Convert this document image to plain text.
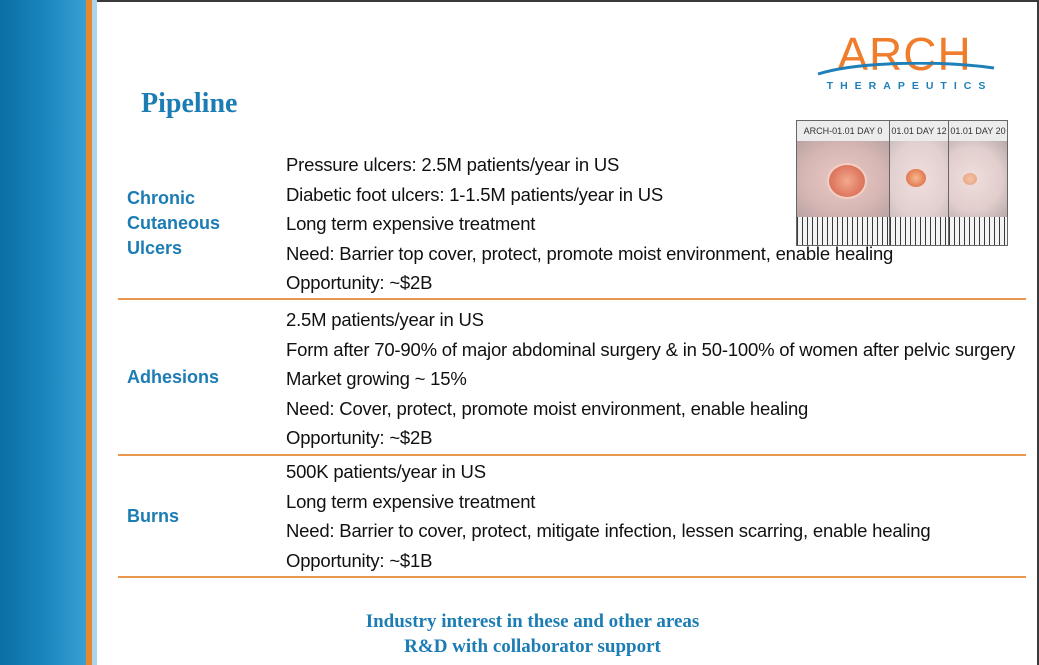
ARCH
THERAPEUTICS
Pipeline
ARCH-01.01 DAY 0	01.01 DAY 12 01.01 DAY 20
Chronic
Cutaneous
Ulcers
Pressure ulcers: 2.5M patients/year in US
Diabetic foot ulcers: 1-1.5M patients/year in US
Long term expensive treatment
Need: Barrier top cover, protect, promote moist environment, enable healing
Opportunity: ~$2B
Adhesions
2.5M patients/year in US
Form after 70-90% of major abdominal surgery & in 50-100% of women after pelvic surgery
Market growing ~ 15%
Need: Cover, protect, promote moist environment, enable healing
Opportunity: ~$2B
Burns
500K patients/year in US
Long term expensive treatment
Need: Barrier to cover, protect, mitigate infection, lessen scarring, enable healing
Opportunity: ~$1B
Industry interest in these and other areas
R&D with collaborator support
